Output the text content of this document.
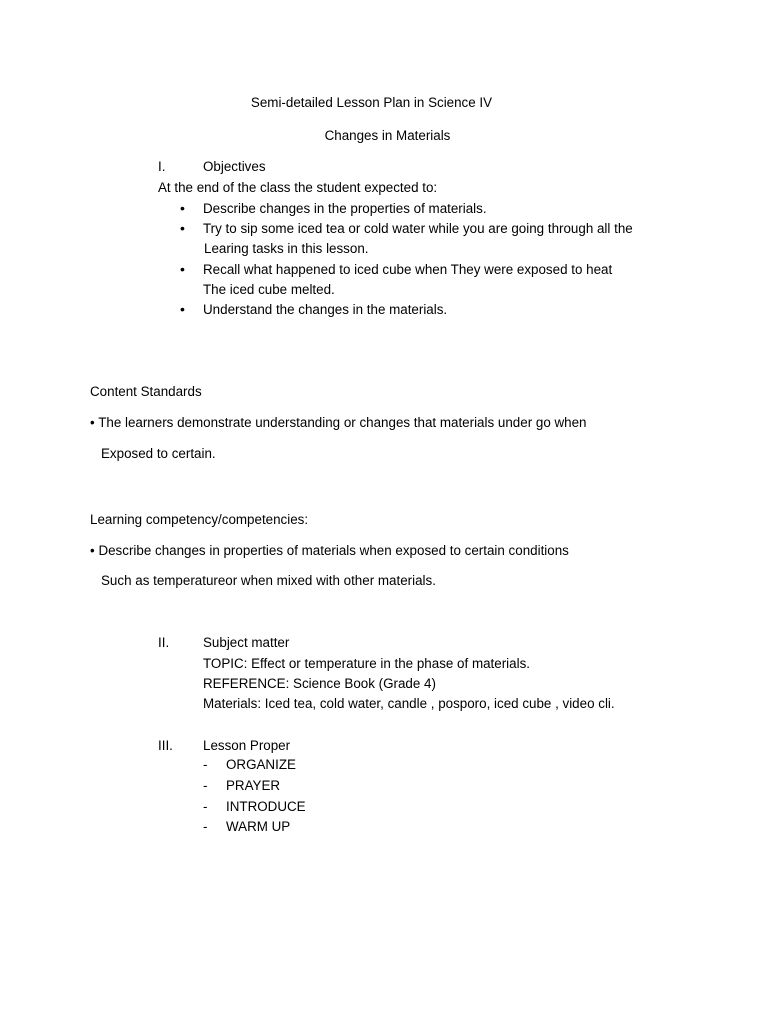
Semi-detailed Lesson Plan in Science IV
Changes in Materials
I.	Objectives
At the end of the class the student expected to:
•
Describe changes in the properties of materials.
•
Try to sip some iced tea or cold water while you are going through all the
Learing tasks in this lesson.
•
Recall what happened to iced cube when They were exposed to heat
The iced cube melted.
•
Understand the changes in the materials.
Content Standards
• The learners demonstrate understanding or changes that materials under go when
Exposed to certain.
Learning competency/competencies:
• Describe changes in properties of materials when exposed to certain conditions
Such as temperatureor when mixed with other materials.
II.	Subject matter
TOPIC: Effect or temperature in the phase of materials.
REFERENCE: Science Book (Grade 4)
Materials: Iced tea, cold water, candle , posporo, iced cube , video cli.
III. Lesson Proper
- ORGANIZE
- PRAYER
- INTRODUCE
- WARM UP
